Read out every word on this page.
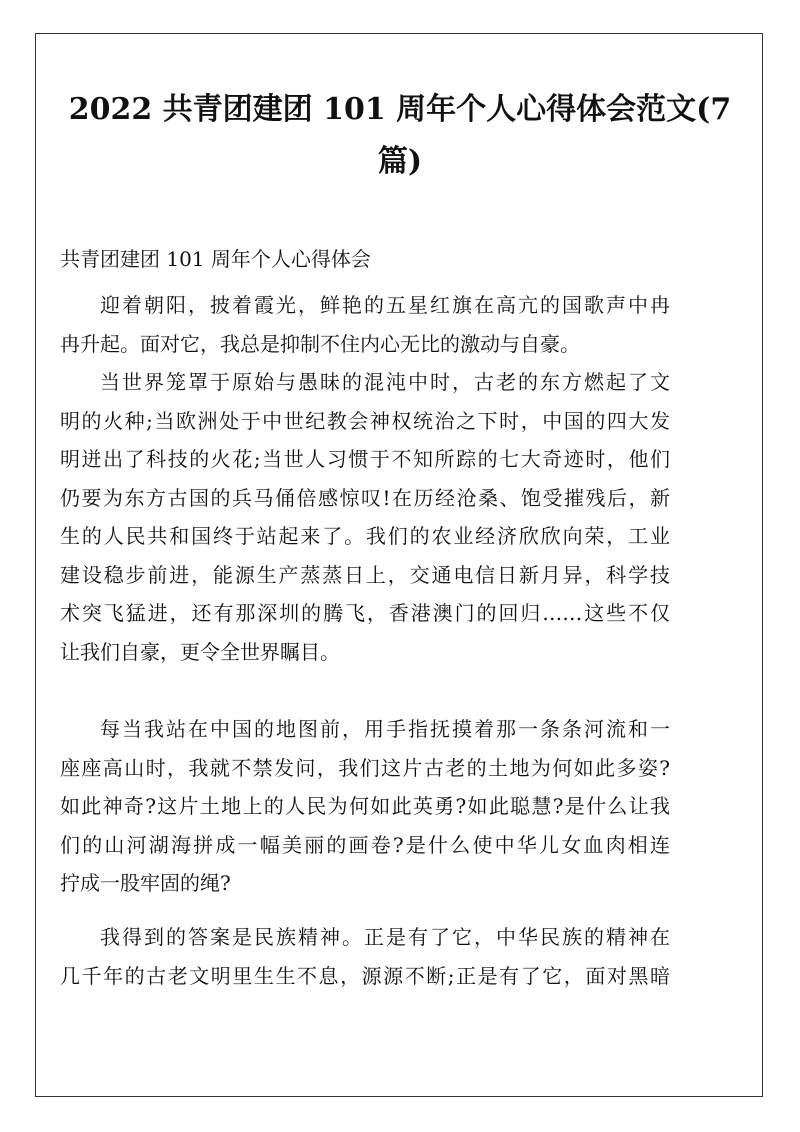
2022 共青团建团 101 周年个人心得体会范文(7
篇)
共青团建团 101 周年个人心得体会
迎着朝阳，披着霞光，鲜艳的五星红旗在高亢的国歌声中冉
冉升起。面对它，我总是抑制不住内心无比的激动与自豪。
当世界笼罩于原始与愚昧的混沌中时，古老的东方燃起了文
明的火种;当欧洲处于中世纪教会神权统治之下时，中国的四大发
明迸出了科技的火花;当世人习惯于不知所踪的七大奇迹时，他们
仍要为东方古国的兵马俑倍感惊叹!在历经沧桑、饱受摧残后，新
生的人民共和国终于站起来了。我们的农业经济欣欣向荣，工业
建设稳步前进，能源生产蒸蒸日上，交通电信日新月异，科学技
术突飞猛进，还有那深圳的腾飞，香港澳门的回归……这些不仅
让我们自豪，更令全世界瞩目。
每当我站在中国的地图前，用手指抚摸着那一条条河流和一
座座高山时，我就不禁发问，我们这片古老的土地为何如此多姿?
如此神奇?这片土地上的人民为何如此英勇?如此聪慧?是什么让我
们的山河湖海拼成一幅美丽的画卷?是什么使中华儿女血肉相连
拧成一股牢固的绳?
我得到的答案是民族精神。正是有了它，中华民族的精神在
几千年的古老文明里生生不息，源源不断;正是有了它，面对黑暗
